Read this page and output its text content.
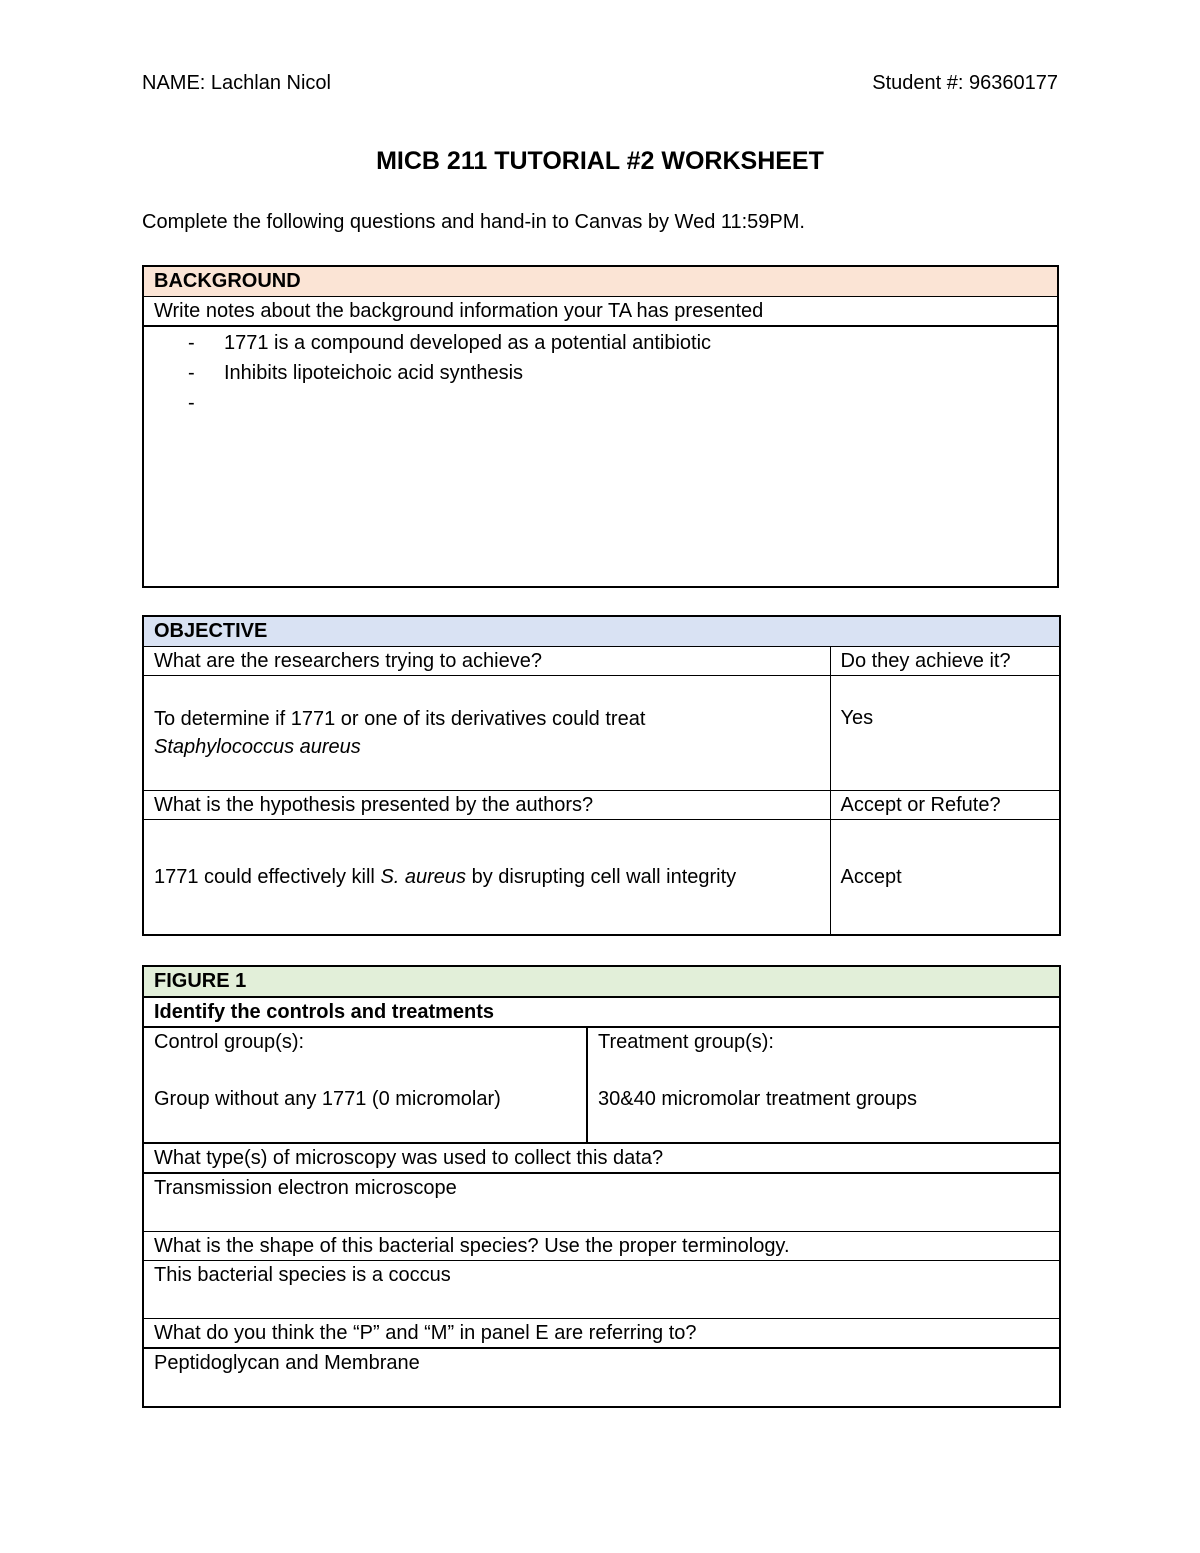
NAME: Lachlan Nicol	Student #: 96360177
MICB 211 TUTORIAL #2 WORKSHEET
Complete the following questions and hand-in to Canvas by Wed 11:59PM.
BACKGROUND
Write notes about the background information your TA has presented

- 1771 is a compound developed as a potential antibiotic
- Inhibits lipoteichoic acid synthesis
-
OBJECTIVE	
What are the researchers trying to achieve?	Do they achieve it?

To determine if 1771 or one of its derivatives could treat
Staphylococcus aureus	Yes
What is the hypothesis presented by the authors?	Accept or Refute?
1771 could effectively kill S. aureus by disrupting cell wall integrity	Accept
FIGURE 1
Identify the controls and treatments

Control group(s):
Group without any 1771 (0 micromolar)

Treatment group(s):
30&40 micromolar treatment groups

What type(s) of microscopy was used to collect this data?
Transmission electron microscope
What is the shape of this bacterial species? Use the proper terminology.
This bacterial species is a coccus
What do you think the “P” and “M” in panel E are referring to?
Peptidoglycan and Membrane
